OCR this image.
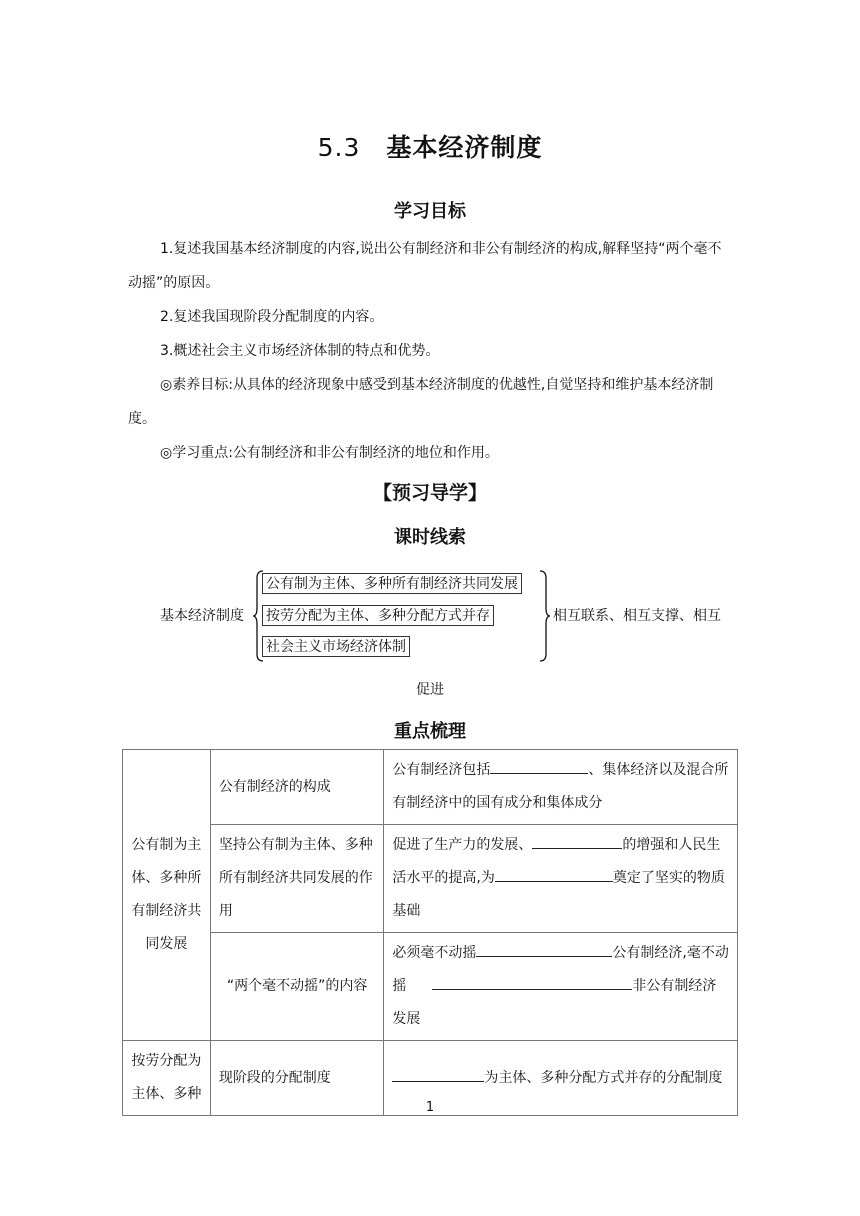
5.3 基本经济制度
学习目标
1.复述我国基本经济制度的内容,说出公有制经济和非公有制经济的构成,解释坚持“两个毫不动摇”的原因。
2.复述我国现阶段分配制度的内容。
3.概述社会主义市场经济体制的特点和优势。
◎素养目标:从具体的经济现象中感受到基本经济制度的优越性,自觉坚持和维护基本经济制度。
◎学习重点:公有制经济和非公有制经济的地位和作用。
【预习导学】
课时线索
基本经济制度
公有制为主体、多种所有制经济共同发展
按劳分配为主体、多种分配方式并存
社会主义市场经济体制
相互联系、相互支撑、相互
促进
重点梳理
公有制为主体、多种所有制经济共同发展	公有制经济的构成	公有制经济包括 、集体经济以及混合所有制经济中的国有成分和集体成分
	坚持公有制为主体、多种所有制经济共同发展的作用	促进了生产力的发展、 的增强和人民生活水平的提高,为 奠定了坚实的物质基础
	“两个毫不动摇”的内容	必须毫不动摇 公有制经济,毫不动摇 非公有制经济发展
按劳分配为主体、多种	现阶段的分配制度	为主体、多种分配方式并存的分配制度
1
